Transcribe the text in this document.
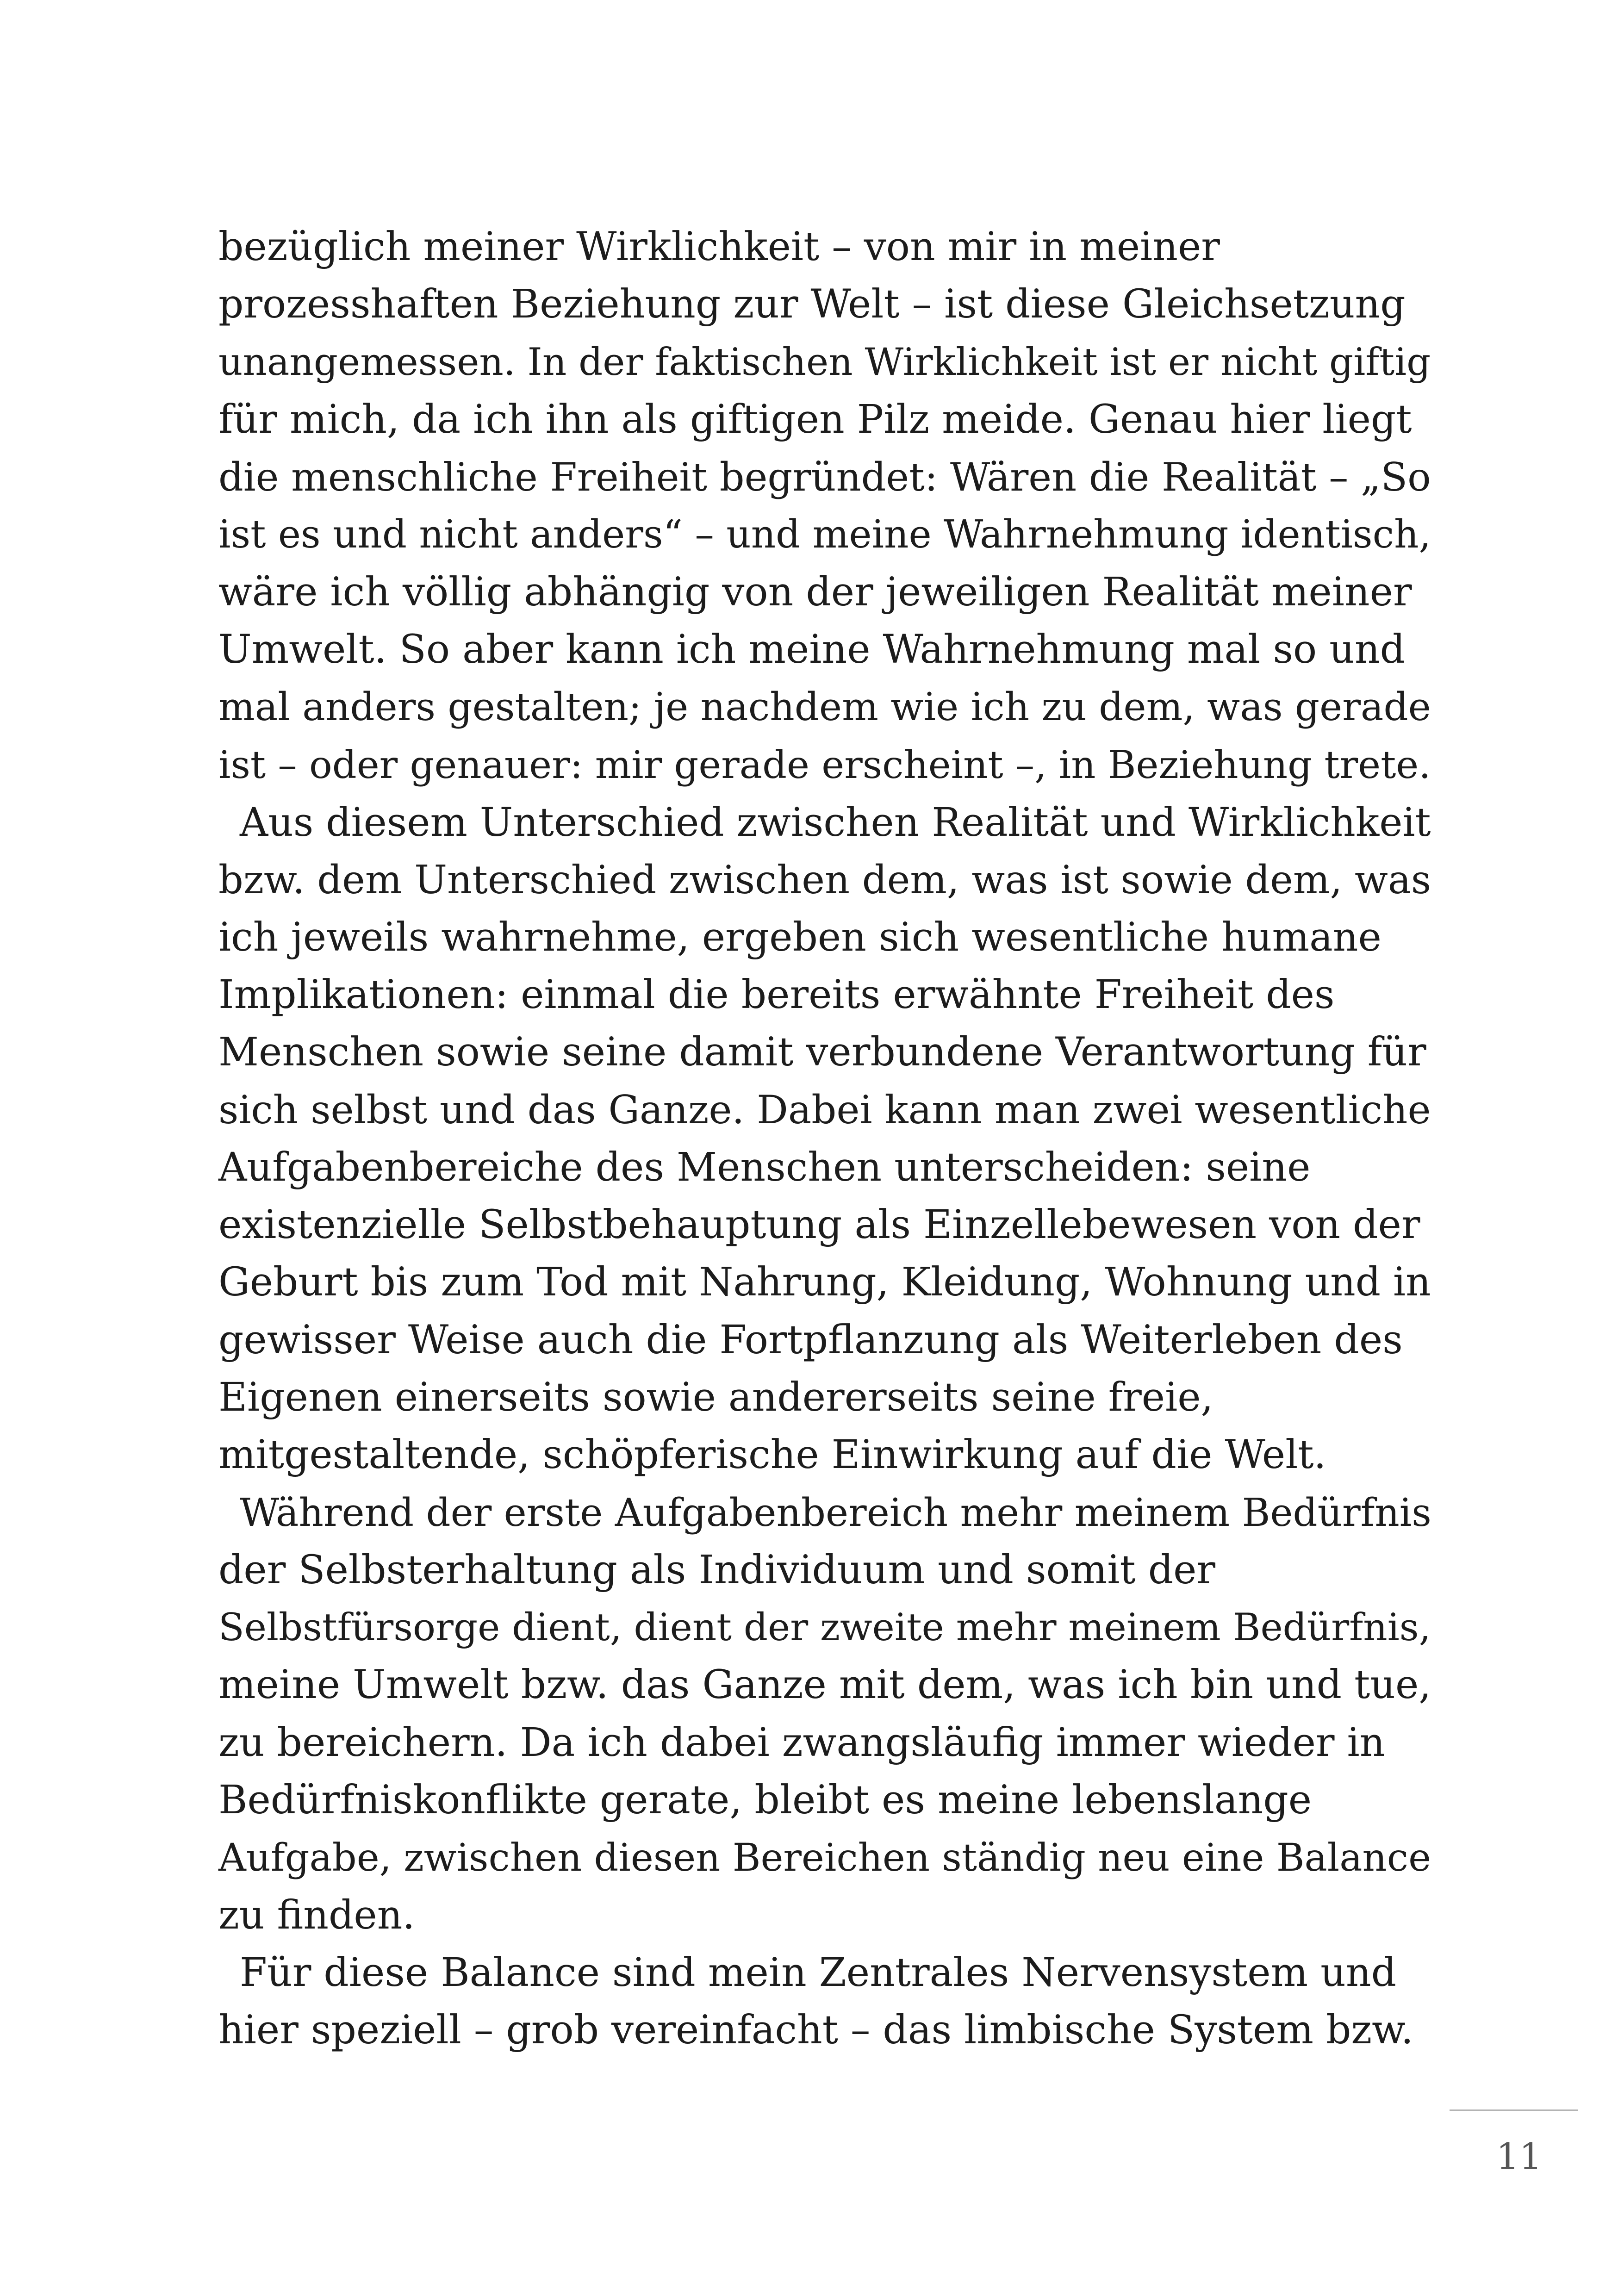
bezüglich meiner Wirklichkeit – von mir in meiner
prozesshaften Beziehung zur Welt – ist diese Gleichsetzung
unangemessen. In der faktischen Wirklichkeit ist er nicht giftig
für mich, da ich ihn als giftigen Pilz meide. Genau hier liegt
die menschliche Freiheit begründet: Wären die Realität – „So
ist es und nicht anders“ – und meine Wahrnehmung identisch,
wäre ich völlig abhängig von der jeweiligen Realität meiner
Umwelt. So aber kann ich meine Wahrnehmung mal so und
mal anders gestalten; je nachdem wie ich zu dem, was gerade
ist – oder genauer: mir gerade erscheint –, in Beziehung trete.
Aus diesem Unterschied zwischen Realität und Wirklichkeit
bzw. dem Unterschied zwischen dem, was ist sowie dem, was
ich jeweils wahrnehme, ergeben sich wesentliche humane
Implikationen: einmal die bereits erwähnte Freiheit des
Menschen sowie seine damit verbundene Verantwortung für
sich selbst und das Ganze. Dabei kann man zwei wesentliche
Aufgabenbereiche des Menschen unterscheiden: seine
existenzielle Selbstbehauptung als Einzellebewesen von der
Geburt bis zum Tod mit Nahrung, Kleidung, Wohnung und in
gewisser Weise auch die Fortpflanzung als Weiterleben des
Eigenen einerseits sowie andererseits seine freie,
mitgestaltende, schöpferische Einwirkung auf die Welt.
Während der erste Aufgabenbereich mehr meinem Bedürfnis
der Selbsterhaltung als Individuum und somit der
Selbstfürsorge dient, dient der zweite mehr meinem Bedürfnis,
meine Umwelt bzw. das Ganze mit dem, was ich bin und tue,
zu bereichern. Da ich dabei zwangsläufig immer wieder in
Bedürfniskonflikte gerate, bleibt es meine lebenslange
Aufgabe, zwischen diesen Bereichen ständig neu eine Balance
zu finden.
Für diese Balance sind mein Zentrales Nervensystem und
hier speziell – grob vereinfacht – das limbische System bzw.
11
